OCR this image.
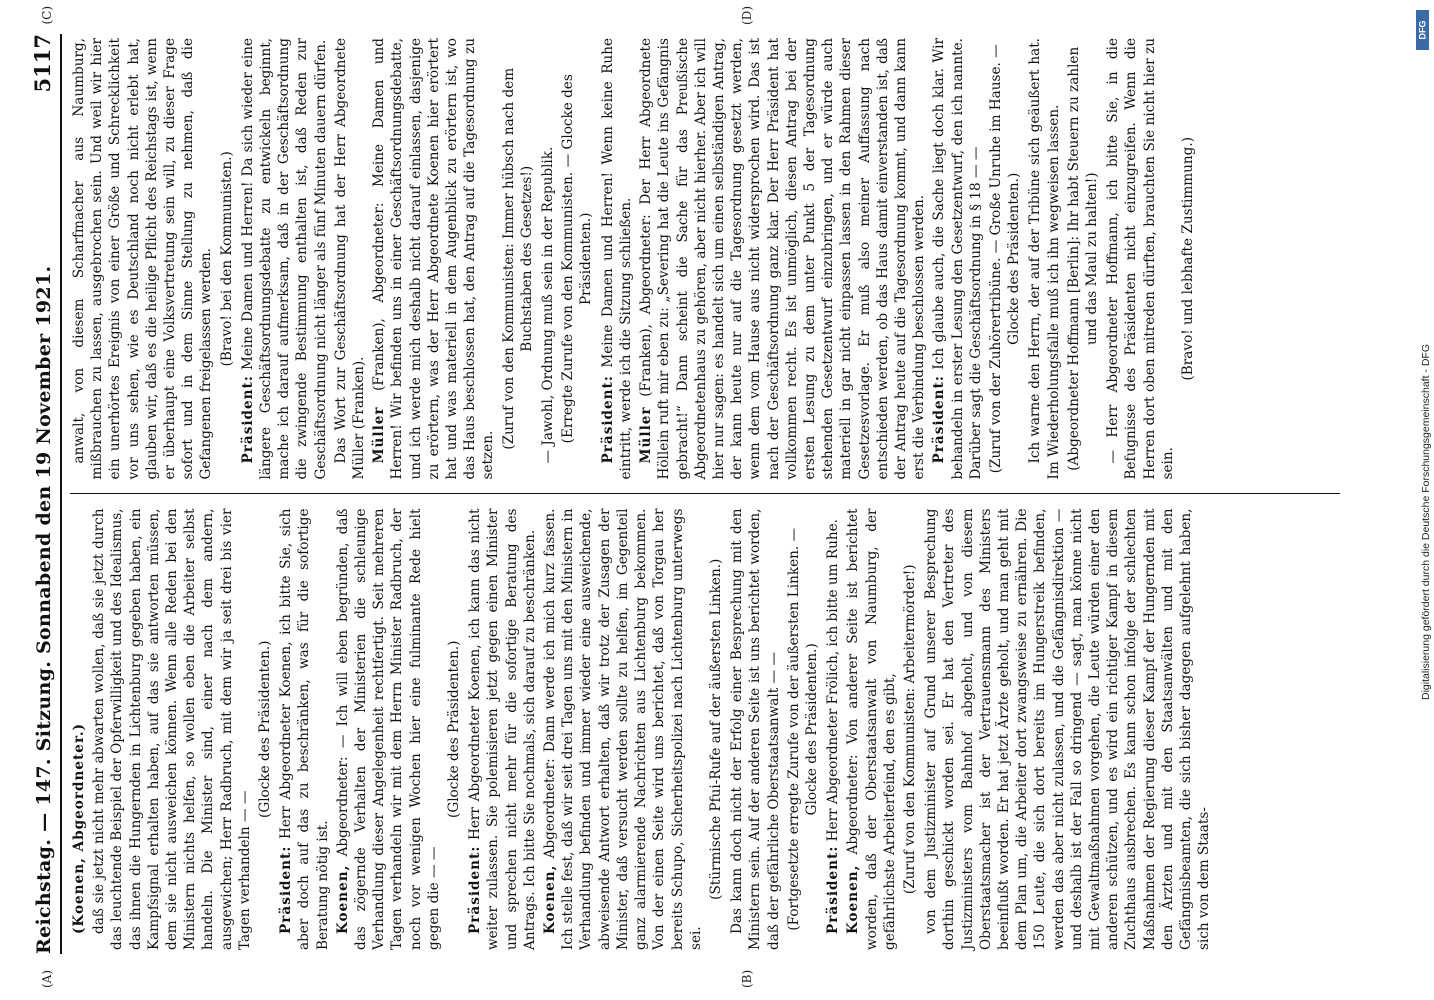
Reichstag. — 147. Sitzung. Sonnabend den 19 November 1921.
5117

(Koenen, Abgeordneter.) daß sie jetzt nicht mehr abwarten wollen, daß sie jetzt durch das leuchtende Beispiel der Opferwilligkeit und des Idealismus, das ihnen die Hungernden in Lichtenburg gegeben haben, ein Kampfsignal erhalten haben, auf das sie antworten müssen, dem sie nicht ausweichen können. Wenn alle Reden bei den Ministern nichts helfen, so wollen eben die Arbeiter selbst handeln. Die Minister sind, einer nach dem andern, ausgewichen; Herr Radbruch, mit dem wir ja seit drei bis vier Tagen verhandeln — —

(Glocke des Präsidenten.)

Präsident: Herr Abgeordneter Koenen, ich bitte Sie, sich aber doch auf das zu beschränken, was für die sofortige Beratung nötig ist. Koenen, Abgeordneter: — Ich will eben begründen, daß das zögernde Verhalten der Ministerien die schleunige Verhandlung dieser Angelegenheit rechtfertigt. Seit mehreren Tagen verhandeln wir mit dem Herrn Minister Radbruch, der noch vor wenigen Wochen hier eine fulminante Rede hielt gegen die — —

(Glocke des Präsidenten.)

Präsident: Herr Abgeordneter Koenen, ich kann das nicht weiter zulassen. Sie polemisieren jetzt gegen einen Minister und sprechen nicht mehr für die sofortige Beratung des Antrags. Ich bitte Sie nochmals, sich darauf zu beschränken. Koenen, Abgeordneter: Dann werde ich mich kurz fassen. Ich stelle fest, daß wir seit drei Tagen uns mit den Ministern in Verhandlung befinden und immer wieder eine ausweichende, abweisende Antwort erhalten, daß wir trotz der Zusagen der Minister, daß versucht werden sollte zu helfen, im Gegenteil ganz alarmierende Nachrichten aus Lichtenburg bekommen. Von der einen Seite wird uns berichtet, daß von Torgau her bereits Schupo, Sicherheitspolizei nach Lichtenburg unterwegs sei.

(Stürmische Pfui-Rufe auf der äußersten Linken.) Das kann doch nicht der Erfolg einer Besprechung mit den Ministern sein. Auf der anderen Seite ist uns berichtet worden, daß der gefährliche Oberstaatsanwalt — — (Fortgesetzte erregte Zurufe von der äußersten Linken. — Glocke des Präsidenten.)

Präsident: Herr Abgeordneter Frölich, ich bitte um Ruhe.

Koenen, Abgeordneter: Von anderer Seite ist berichtet worden, daß der Oberstaatsanwalt von Naumburg, der gefährlichste Arbeiterfeind, den es gibt, (Zuruf von den Kommunisten: Arbeitermörder!) von dem Justizminister auf Grund unserer Besprechung dorthin geschickt worden sei. Er hat den Vertreter des Justizministers vom Bahnhof abgeholt, und von diesem Oberstaatsmacher ist der Vertrauensmann des Ministers beeinflußt worden. Er hat jetzt Ärzte geholt, und man geht mit dem Plan um, die Arbeiter dort zwangsweise zu ernähren. Die 150 Leute, die sich dort bereits im Hungerstreik befinden, werden das aber nicht zulassen, und die Gefängnisdirektion — und deshalb ist der Fall so dringend — sagt, man könne nicht mit Gewaltmaßnahmen vorgehen, die Leute würden einer den anderen schützen, und es wird ein richtiger Kampf in diesem Zuchthaus ausbrechen. Es kann schon infolge der schlechten Maßnahmen der Regierung dieser Kampf der Hungernden mit den Ärzten und mit den Staatsanwälten und mit den Gefängnisbeamten, die sich bisher dagegen aufgelehnt haben, sich von dem Staats-

anwalt, von diesem Scharfmacher aus Naumburg, mißbrauchen zu lassen, ausgebrochen sein. Und weil wir hier ein unerhörtes Ereignis von einer Größe und Schrecklichkeit vor uns sehen, wie es Deutschland noch nicht erlebt hat, glauben wir, daß es die heilige Pflicht des Reichstags ist, wenn er überhaupt eine Volksvertretung sein will, zu dieser Frage sofort und in dem Sinne Stellung zu nehmen, daß die Gefangenen freigelassen werden. (Bravo! bei den Kommunisten.)

Präsident: Meine Damen und Herren! Da sich wieder eine längere Geschäftsordnungsdebatte zu entwickeln beginnt, mache ich darauf aufmerksam, daß in der Geschäftsordnung die zwingende Bestimmung enthalten ist, daß Reden zur Geschäftsordnung nicht länger als fünf Minuten dauern dürfen. Das Wort zur Geschäftsordnung hat der Herr Abgeordnete Müller (Franken). Müller (Franken), Abgeordneter: Meine Damen und Herren! Wir befinden uns in einer Geschäftsordnungsdebatte, und ich werde mich deshalb nicht darauf einlassen, dasjenige zu erörtern, was der Herr Abgeordnete Koenen hier erörtert hat und was materiell in dem Augenblick zu erörtern ist, wo das Haus beschlossen hat, den Antrag auf die Tagesordnung zu setzen.

(Zuruf von den Kommunisten: Immer hübsch nach dem Buchstaben des Gesetzes!) — Jawohl, Ordnung muß sein in der Republik. (Erregte Zurufe von den Kommunisten. — Glocke des Präsidenten.)

Präsident: Meine Damen und Herren! Wenn keine Ruhe eintritt, werde ich die Sitzung schließen. Müller (Franken), Abgeordneter: Der Herr Abgeordnete Höllein ruft mir eben zu: „Severing hat die Leute ins Gefängnis gebracht!“ Dann scheint die Sache für das Preußische Abgeordnetenhaus zu gehören, aber nicht hierher. Aber ich will hier nur sagen: es handelt sich um einen selbständigen Antrag, der kann heute nur auf die Tagesordnung gesetzt werden, wenn dem vom Hause aus nicht widersprochen wird. Das ist nach der Geschäftsordnung ganz klar. Der Herr Präsident hat vollkommen recht. Es ist unmöglich, diesen Antrag bei der ersten Lesung zu dem unter Punkt 5 der Tagesordnung stehenden Gesetzentwurf einzubringen, und er würde auch materiell in gar nicht einpassen lassen in den Rahmen dieser Gesetzesvorlage. Er muß also meiner Auffassung nach entschieden werden, ob das Haus damit einverstanden ist, daß der Antrag heute auf die Tagesordnung kommt, und dann kann erst die Verbindung beschlossen werden. Präsident: Ich glaube auch, die Sache liegt doch klar. Wir behandeln in erster Lesung den Gesetzentwurf, den ich nannte. Darüber sagt die Geschäftsordnung in § 18 — — (Zuruf von der Zuhörertribüne. — Große Unruhe im Hause. — Glocke des Präsidenten.) Ich warne den Herrn, der auf der Tribüne sich geäußert hat. Im Wiederholungsfalle muß ich ihn wegweisen lassen. (Abgeordneter Hoffmann [Berlin]: Ihr habt Steuern zu zahlen und das Maul zu halten!) — Herr Abgeordneter Hoffmann, ich bitte Sie, in die Befugnisse des Präsidenten nicht einzugreifen. Wenn die Herren dort oben mitreden dürften, brauchten Sie nicht hier zu sein.

(Bravo! und lebhafte Zustimmung.)

(A)	(B)
(C)	(D)
DFG
Digitalisierung gefördert durch die Deutsche Forschungsgemeinschaft - DFG
